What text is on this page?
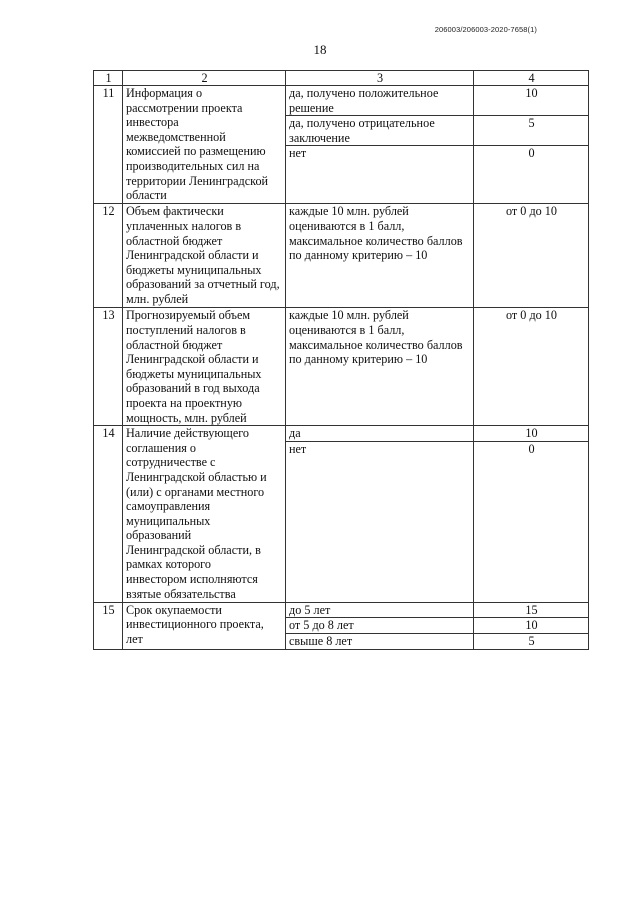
206003/206003-2020-7658(1)
18
1	2	3	4
11	Информация о рассмотрении проекта инвестора межведомственной комиссией по размещению производительных сил на территории Ленинградской области	да, получено положительное решение	10
		да, получено отрицательное заключение	5
		нет	0
12	Объем фактически уплаченных налогов в областной бюджет Ленинградской области и бюджеты муниципальных образований за отчетный год, млн. рублей	каждые 10 млн. рублей оцениваются в 1 балл, максимальное количество баллов по данному критерию – 10	от 0 до 10
13	Прогнозируемый объем поступлений налогов в областной бюджет Ленинградской области и бюджеты муниципальных образований в год выхода проекта на проектную мощность, млн. рублей	каждые 10 млн. рублей оцениваются в 1 балл, максимальное количество баллов по данному критерию – 10	от 0 до 10
14	Наличие действующего соглашения о сотрудничестве с Ленинградской областью и (или) с органами местного самоуправления муниципальных образований Ленинградской области, в рамках которого инвестором исполняются взятые обязательства	да	10
		нет	0
15	Срок окупаемости инвестиционного проекта, лет	до 5 лет	15
		от 5 до 8 лет	10
		свыше 8 лет	5
